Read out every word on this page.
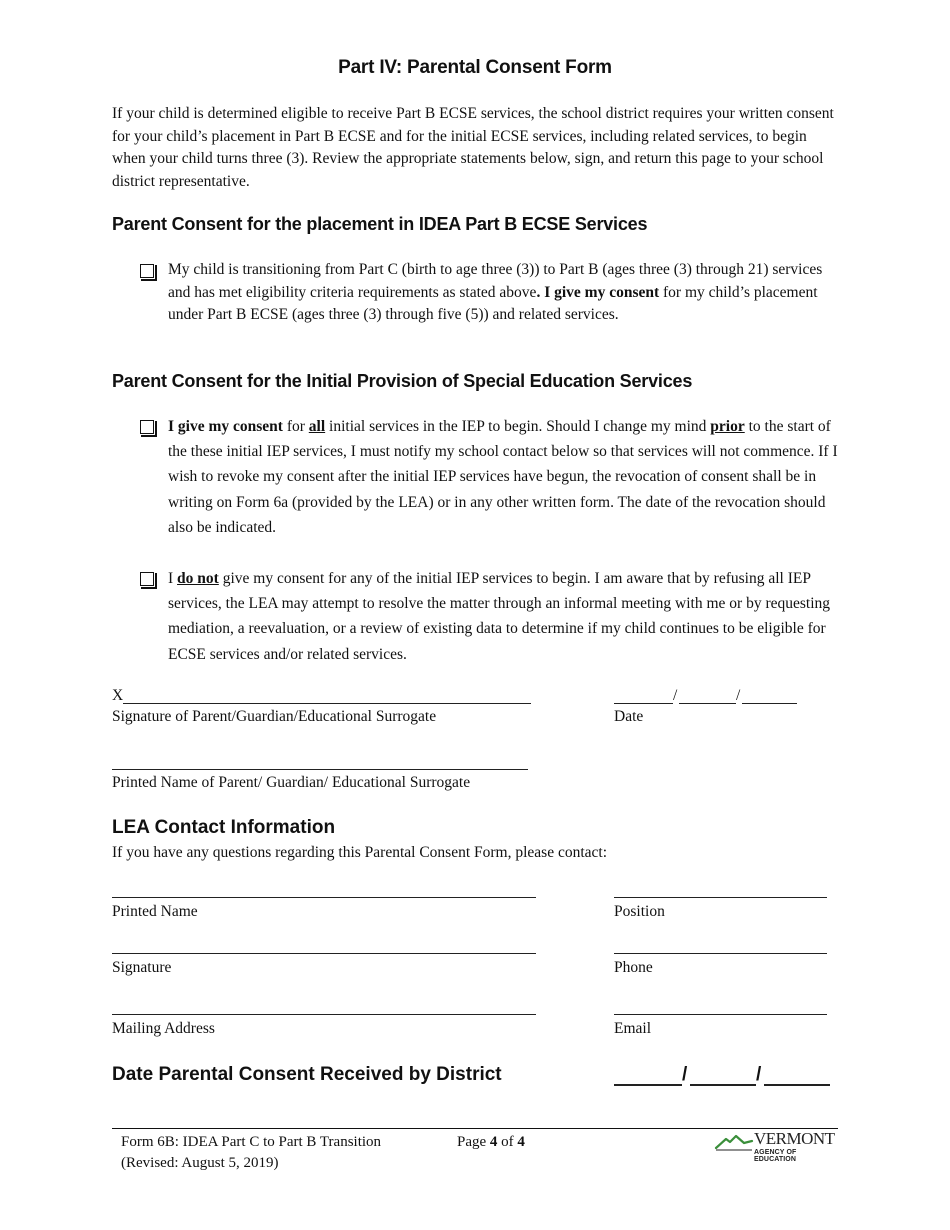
Part IV: Parental Consent Form

If your child is determined eligible to receive Part B ECSE services, the school district requires your written consent for your child’s placement in Part B ECSE and for the initial ECSE services, including related services, to begin when your child turns three (3). Review the appropriate statements below, sign, and return this page to your school district representative.

Parent Consent for the placement in IDEA Part B ECSE Services
My child is transitioning from Part C (birth to age three (3)) to Part B (ages three (3) through 21) services and has met eligibility criteria requirements as stated above. I give my consent for my child’s placement under Part B ECSE (ages three (3) through five (5)) and related services.
Parent Consent for the Initial Provision of Special Education Services
I give my consent for all initial services in the IEP to begin. Should I change my mind prior to the start of the these initial IEP services, I must notify my school contact below so that services will not commence. If I wish to revoke my consent after the initial IEP services have begun, the revocation of consent shall be in writing on Form 6a (provided by the LEA) or in any other written form. The date of the revocation should also be indicated.
I do not give my consent for any of the initial IEP services to begin. I am aware that by refusing all IEP services, the LEA may attempt to resolve the matter through an informal meeting with me or by requesting mediation, a reevaluation, or a review of existing data to determine if my child continues to be eligible for ECSE services and/or related services.
X
Signature of Parent/Guardian/Educational Surrogate
/	/
Date
Printed Name of Parent/ Guardian/ Educational Surrogate
LEA Contact Information
If you have any questions regarding this Parental Consent Form, please contact:
Printed Name	Position
Signature	Phone
Mailing Address	Email
Date Parental Consent Received by District	/	/
Form 6B: IDEA Part C to Part B Transition
(Revised: August 5, 2019)
Page 4 of 4	VERMONT
AGENCY OF EDUCATION
